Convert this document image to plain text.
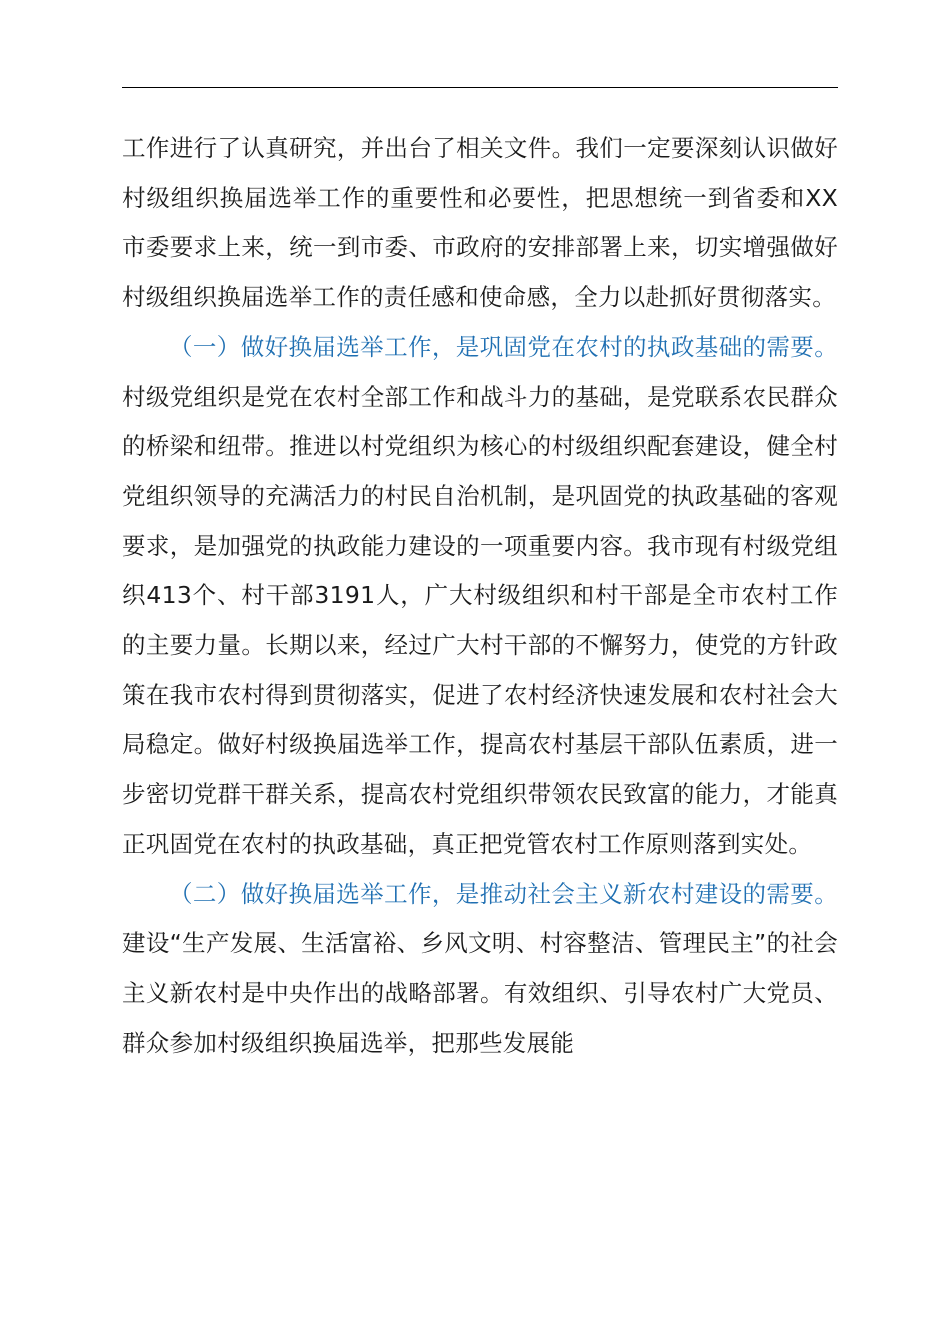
工作进行了认真研究，并出台了相关文件。我们一定要深刻认识做好村级组织换届选举工作的重要性和必要性，把思想统一到省委和XX市委要求上来，统一到市委、市政府的安排部署上来，切实增强做好村级组织换届选举工作的责任感和使命感，全力以赴抓好贯彻落实。

（一）做好换届选举工作，是巩固党在农村的执政基础的需要。村级党组织是党在农村全部工作和战斗力的基础，是党联系农民群众的桥梁和纽带。推进以村党组织为核心的村级组织配套建设，健全村党组织领导的充满活力的村民自治机制，是巩固党的执政基础的客观要求，是加强党的执政能力建设的一项重要内容。我市现有村级党组织413个、村干部3191人，广大村级组织和村干部是全市农村工作的主要力量。长期以来，经过广大村干部的不懈努力，使党的方针政策在我市农村得到贯彻落实，促进了农村经济快速发展和农村社会大局稳定。做好村级换届选举工作，提高农村基层干部队伍素质，进一步密切党群干群关系，提高农村党组织带领农民致富的能力，才能真正巩固党在农村的执政基础，真正把党管农村工作原则落到实处。

（二）做好换届选举工作，是推动社会主义新农村建设的需要。建设“生产发展、生活富裕、乡风文明、村容整洁、管理民主”的社会主义新农村是中央作出的战略部署。有效组织、引导农村广大党员、群众参加村级组织换届选举，把那些发展能
